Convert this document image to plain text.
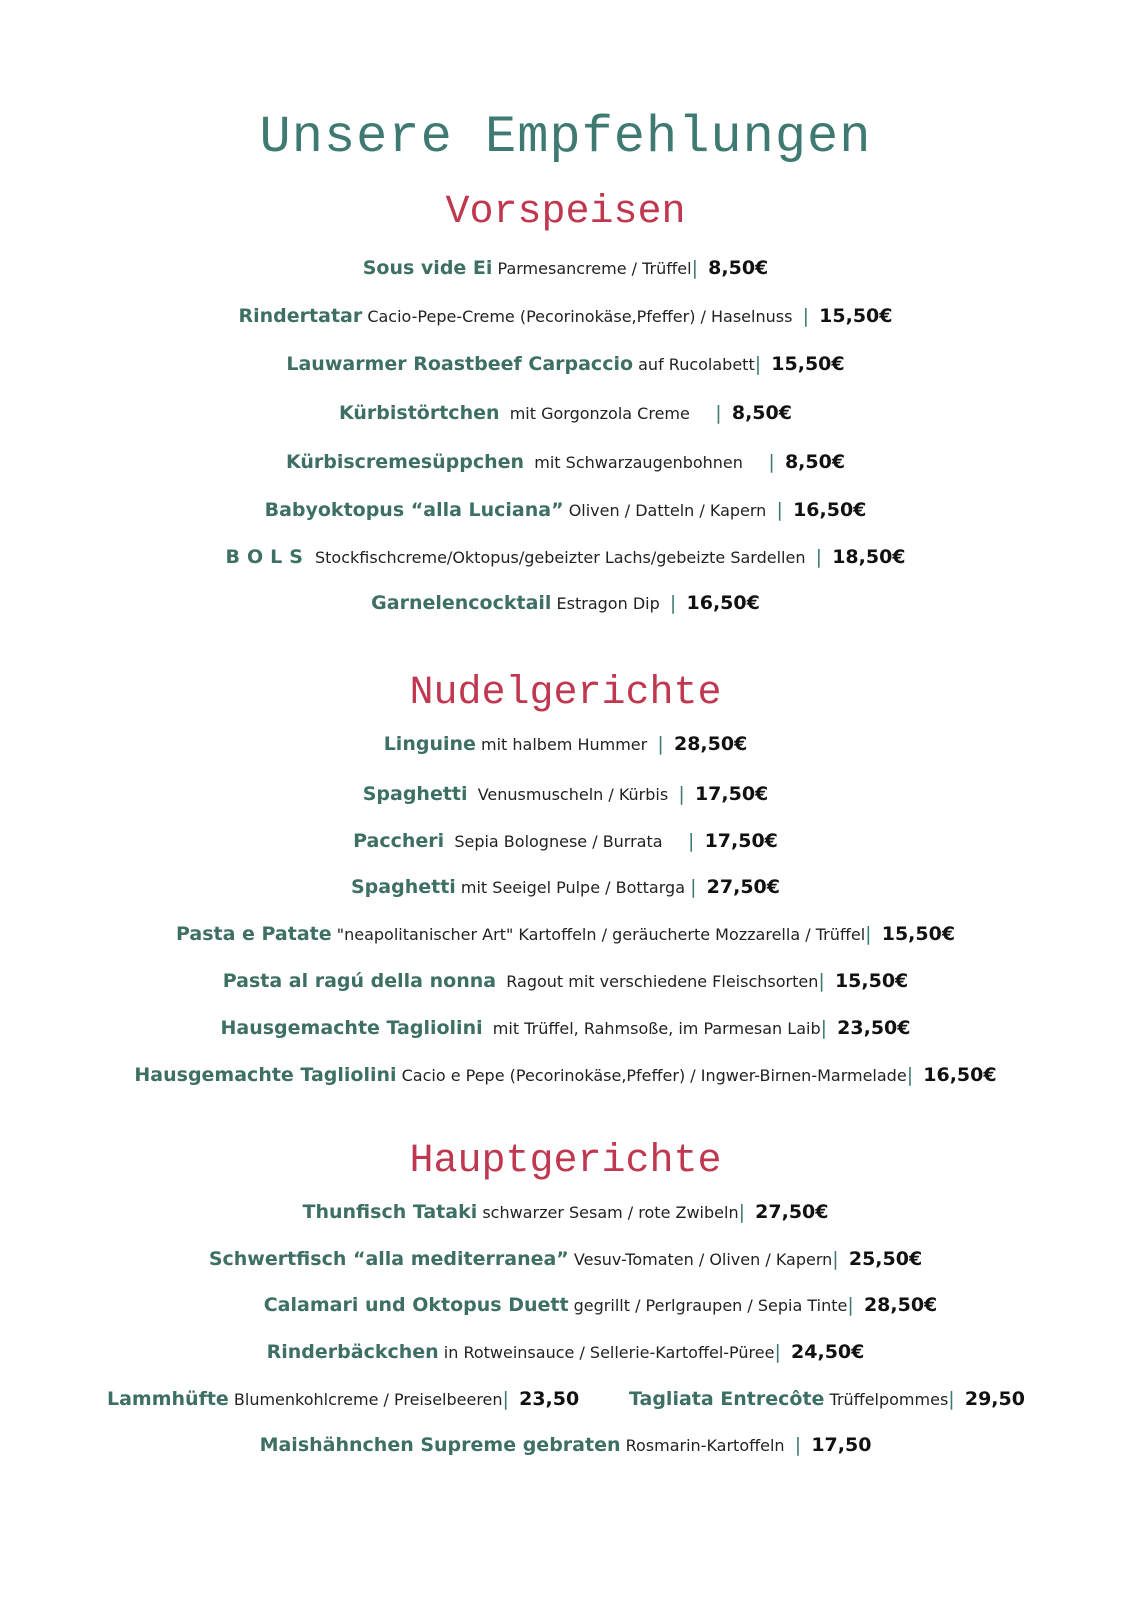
Unsere Empfehlungen
Vorspeisen
Sous vide Ei Parmesancreme / Trüffel| 8,50€
Rindertatar Cacio-Pepe-Creme (Pecorinokäse,Pfeffer) / Haselnuss | 15,50€
Lauwarmer Roastbeef Carpaccio auf Rucolabett| 15,50€
Kürbistörtchen mit Gorgonzola Creme | 8,50€
Kürbiscremesüppchen mit Schwarzaugenbohnen | 8,50€
Babyoktopus “alla Luciana” Oliven / Datteln / Kapern | 16,50€
BOLS Stockfischcreme/Oktopus/gebeizter Lachs/gebeizte Sardellen | 18,50€
Garnelencocktail Estragon Dip | 16,50€
Nudelgerichte
Linguine mit halbem Hummer | 28,50€
Spaghetti Venusmuscheln / Kürbis | 17,50€
Paccheri Sepia Bolognese / Burrata | 17,50€
Spaghetti mit Seeigel Pulpe / Bottarga | 27,50€
Pasta e Patate "neapolitanischer Art" Kartoffeln / geräucherte Mozzarella / Trüffel| 15,50€
Pasta al ragú della nonna Ragout mit verschiedene Fleischsorten| 15,50€
Hausgemachte Tagliolini mit Trüffel, Rahmsoße, im Parmesan Laib| 23,50€
Hausgemachte Tagliolini Cacio e Pepe (Pecorinokäse,Pfeffer) / Ingwer-Birnen-Marmelade| 16,50€
Hauptgerichte
Thunfisch Tataki schwarzer Sesam / rote Zwibeln| 27,50€
Schwertfisch “alla mediterranea” Vesuv-Tomaten / Oliven / Kapern| 25,50€
Calamari und Oktopus Duett gegrillt / Perlgraupen / Sepia Tinte| 28,50€
Rinderbäckchen in Rotweinsauce / Sellerie-Kartoffel-Püree| 24,50€
Lammhüfte Blumenkohlcreme / Preiselbeeren| 23,50	Tagliata Entrecôte Trüffelpommes| 29,50
Maishähnchen Supreme gebraten Rosmarin-Kartoffeln | 17,50
